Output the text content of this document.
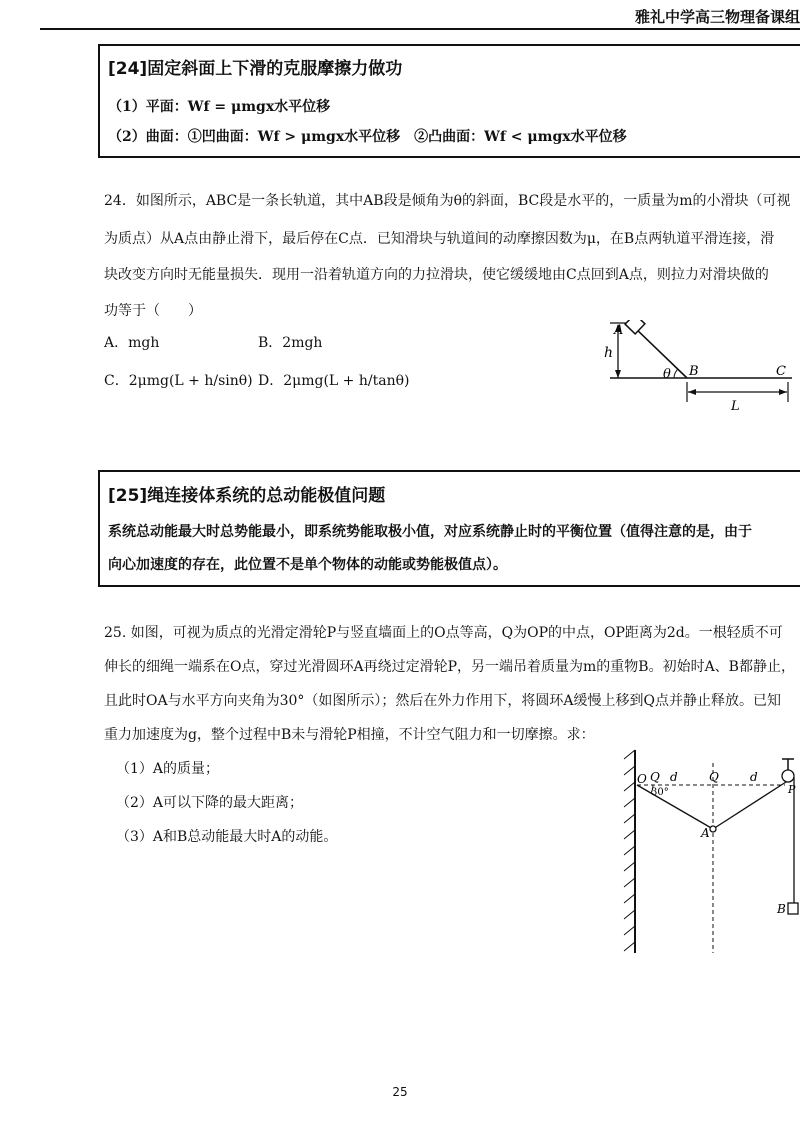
雅礼中学高三物理备课组
[24]固定斜面上下滑的克服摩擦力做功
（1）平面：Wf = μmgx水平位移
（2）曲面：①凹曲面：Wf > μmgx水平位移　②凸曲面：Wf < μmgx水平位移
24．如图所示，ABC是一条长轨道，其中AB段是倾角为θ的斜面，BC段是水平的，一质量为m的小滑块（可视
为质点）从A点由静止滑下，最后停在C点．已知滑块与轨道间的动摩擦因数为μ，在B点两轨道平滑连接，滑
块改变方向时无能量损失．现用一沿着轨道方向的力拉滑块，使它缓缓地由C点回到A点，则拉力对滑块做的
功等于（　　）
A．mgh	B．2mgh
C．2μmg(L + h/sinθ) D．2μmg(L + h/tanθ)
A
h
θ B	C
L
[25]绳连接体系统的总动能极值问题
系统总动能最大时总势能最小，即系统势能取极小值，对应系统静止时的平衡位置（值得注意的是，由于
向心加速度的存在，此位置不是单个物体的动能或势能极值点）。
25. 如图，可视为质点的光滑定滑轮P与竖直墙面上的O点等高，Q为OP的中点，OP距离为2d。一根轻质不可
伸长的细绳一端系在O点，穿过光滑圆环A再绕过定滑轮P，另一端吊着质量为m的重物B。初始时A、B都静止，
且此时OA与水平方向夹角为30°（如图所示）；然后在外力作用下，将圆环A缓慢上移到Q点并静止释放。已知
重力加速度为g，整个过程中B未与滑轮P相撞，不计空气阻力和一切摩擦。求：
（1）A的质量；
（2）A可以下降的最大距离；
（3）A和B总动能最大时A的动能。
O Q d	Q	d
P
30°
A
B
25
